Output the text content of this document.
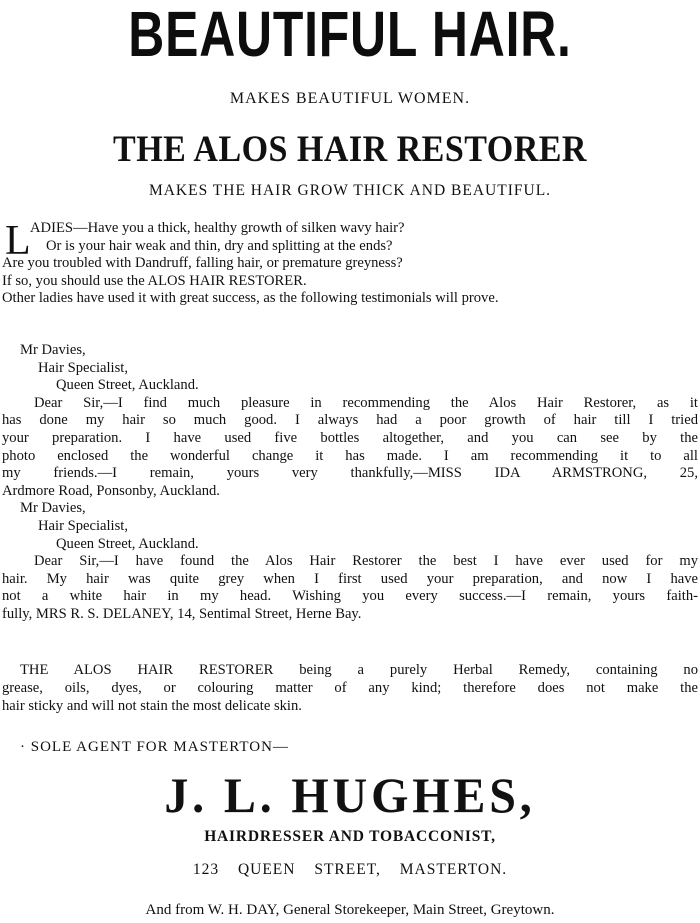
BEAUTIFUL HAIR.
MAKES BEAUTIFUL WOMEN.
THE ALOS HAIR RESTORER
MAKES THE HAIR GROW THICK AND BEAUTIFUL.
L ADIES—Have you a thick, healthy growth of silken wavy hair?
Or is your hair weak and thin, dry and splitting at the ends?
Are you troubled with Dandruff, falling hair, or premature greyness?
If so, you should use the ALOS HAIR RESTORER.
Other ladies have used it with great success, as the following testimonials will prove.
Mr Davies,
Hair Specialist,
Queen Street, Auckland.
Dear Sir,—I find much pleasure in recommending the Alos Hair Restorer, as it
has done my hair so much good. I always had a poor growth of hair till I tried
your preparation. I have used five bottles altogether, and you can see by the
photo enclosed the wonderful change it has made. I am recommending it to all
my friends.—I remain, yours very thankfully,—MISS IDA ARMSTRONG, 25,
Ardmore Road, Ponsonby, Auckland.
Mr Davies,
Hair Specialist,
Queen Street, Auckland.
Dear Sir,—I have found the Alos Hair Restorer the best I have ever used for my
hair. My hair was quite grey when I first used your preparation, and now I have
not a white hair in my head. Wishing you every success.—I remain, yours faith-
fully, MRS R. S. DELANEY, 14, Sentimal Street, Herne Bay.
THE ALOS HAIR RESTORER being a purely Herbal Remedy, containing no
grease, oils, dyes, or colouring matter of any kind; therefore does not make the
hair sticky and will not stain the most delicate skin.
· SOLE AGENT FOR MASTERTON—
J. L. HUGHES,
HAIRDRESSER AND TOBACCONIST,
123 QUEEN STREET, MASTERTON.
And from W. H. DAY, General Storekeeper, Main Street, Greytown.
